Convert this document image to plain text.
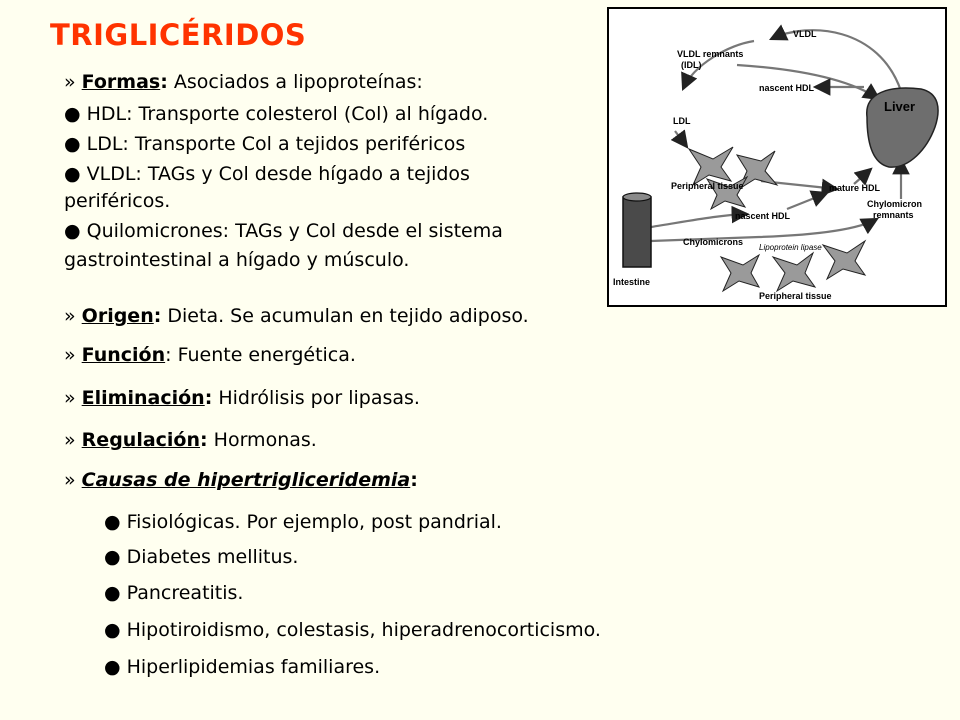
TRIGLICÉRIDOS
» Formas: Asociados a lipoproteínas:
● HDL: Transporte colesterol (Col) al hígado.
● LDL: Transporte Col a tejidos periféricos
● VLDL: TAGs y Col desde hígado a tejidos
periféricos.
● Quilomicrones: TAGs y Col desde el sistema
gastrointestinal a hígado y músculo.
» Origen: Dieta. Se acumulan en tejido adiposo.
» Función: Fuente energética.
» Eliminación: Hidrólisis por lipasas.
» Regulación: Hormonas.
» Causas de hipertrigliceridemia:
● Fisiológicas. Por ejemplo, post pandrial.
● Diabetes mellitus.
● Pancreatitis.
● Hipotiroidismo, colestasis, hiperadrenocorticismo.
● Hiperlipidemias familiares.
VLDL
VLDL remnants
(IDL)
nascent HDL
Liver
LDL
Peripheral tissue	mature HDL
nascent HDL
Chylomicron
remnants
Chylomicrons
Lipoprotein lipase
Intestine
Peripheral tissue
